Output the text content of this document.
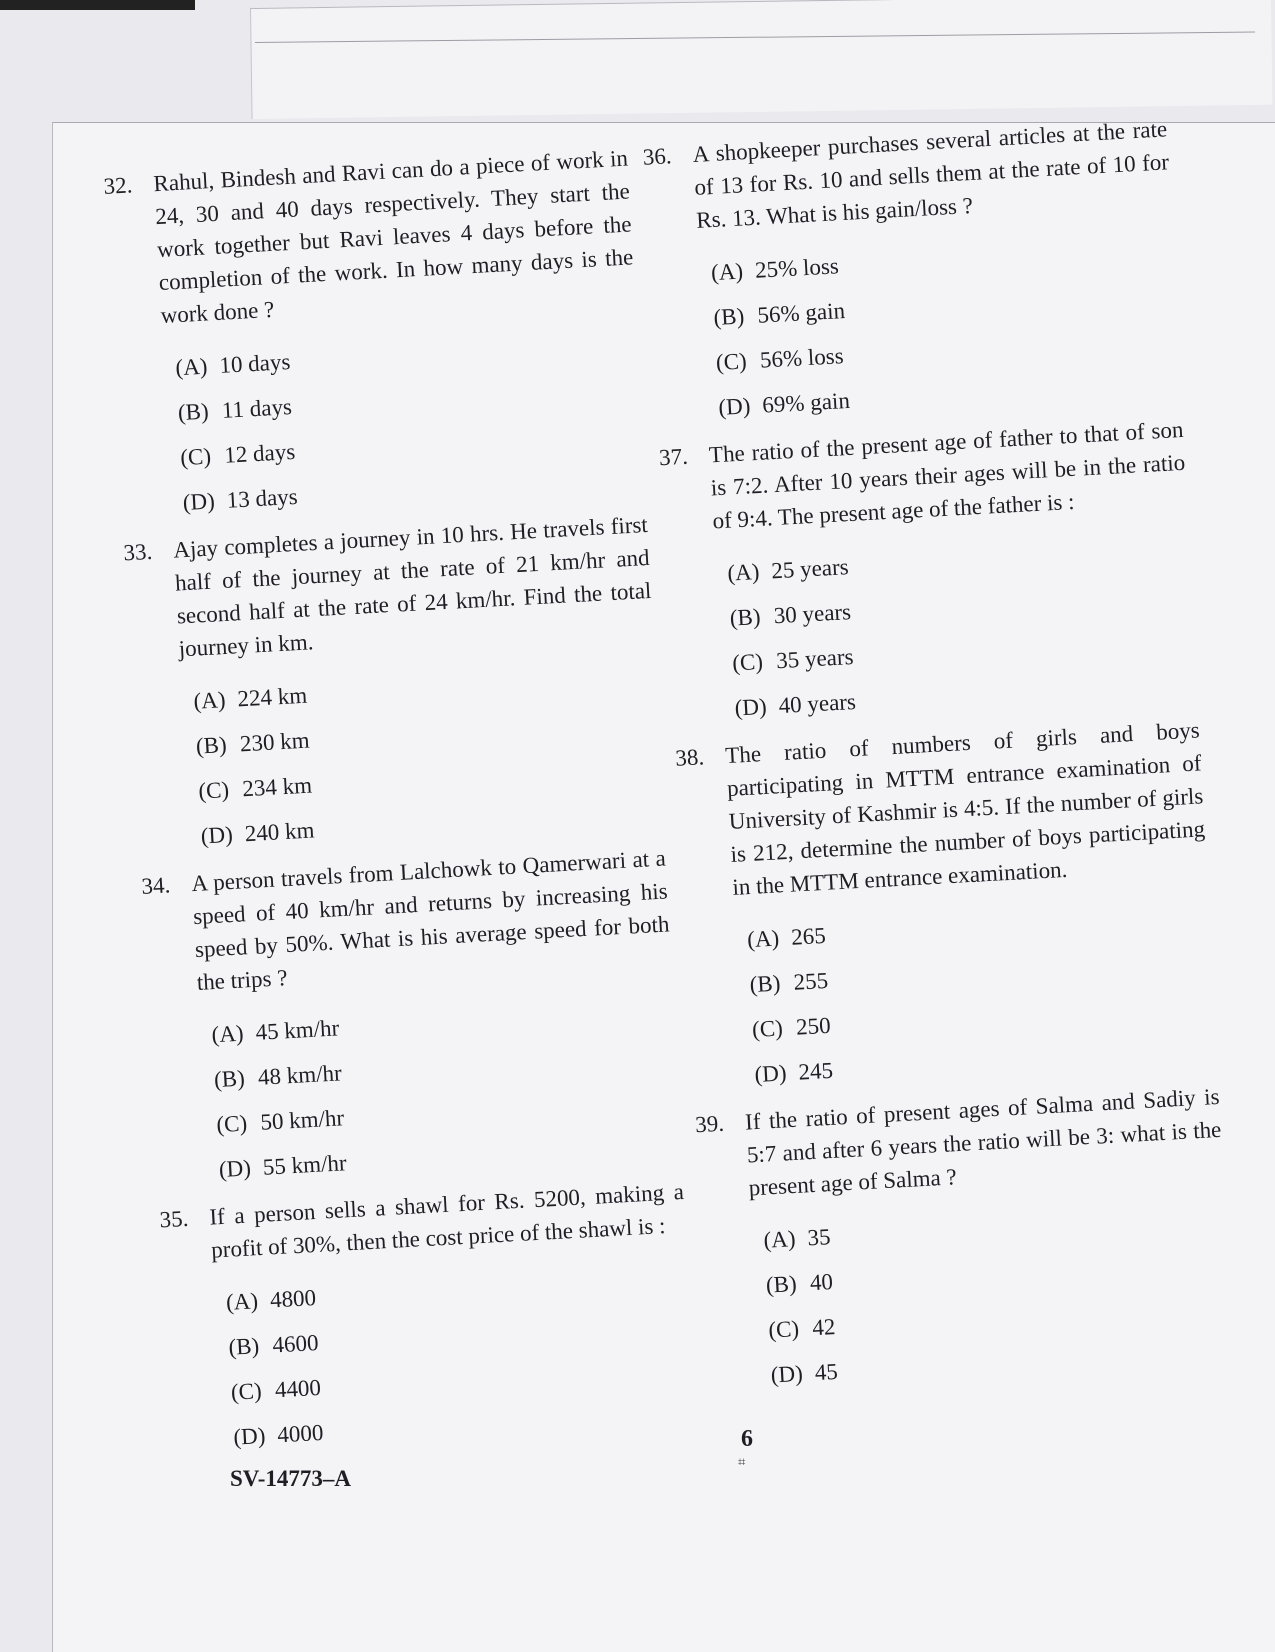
32. Rahul, Bindesh and Ravi can do a piece of work in 24, 30 and 40 days respectively. They start the work together but Ravi leaves 4 days before the completion of the work. In how many days is the work done ?
(A) 10 days
(B) 11 days
(C) 12 days
(D) 13 days
33. Ajay completes a journey in 10 hrs. He travels first half of the journey at the rate of 21 km/hr and second half at the rate of 24 km/hr. Find the total journey in km.
(A) 224 km
(B) 230 km
(C) 234 km
(D) 240 km
34. A person travels from Lalchowk to Qamerwari at a speed of 40 km/hr and returns by increasing his speed by 50%. What is his average speed for both the trips ?
(A) 45 km/hr
(B) 48 km/hr
(C) 50 km/hr
(D) 55 km/hr
35. If a person sells a shawl for Rs. 5200, making a profit of 30%, then the cost price of the shawl is :
(A) 4800
(B) 4600
(C) 4400
(D) 4000
36. A shopkeeper purchases several articles at the rate of 13 for Rs. 10 and sells them at the rate of 10 for Rs. 13. What is his gain/loss ?
(A) 25% loss
(B) 56% gain
(C) 56% loss
(D) 69% gain
37. The ratio of the present age of father to that of son is 7:2. After 10 years their ages will be in the ratio of 9:4. The present age of the father is :
(A) 25 years
(B) 30 years
(C) 35 years
(D) 40 years
38. The ratio of numbers of girls and boys participating in MTTM entrance examination of University of Kashmir is 4:5. If the number of girls is 212, determine the number of boys participating in the MTTM entrance examination.
(A) 265
(B) 255
(C) 250
(D) 245
39. If the ratio of present ages of Salma and Sadiy is 5:7 and after 6 years the ratio will be 3: what is the present age of Salma ?
(A) 35
(B) 40
(C) 42
(D) 45
6
⌗
SV-14773–A
